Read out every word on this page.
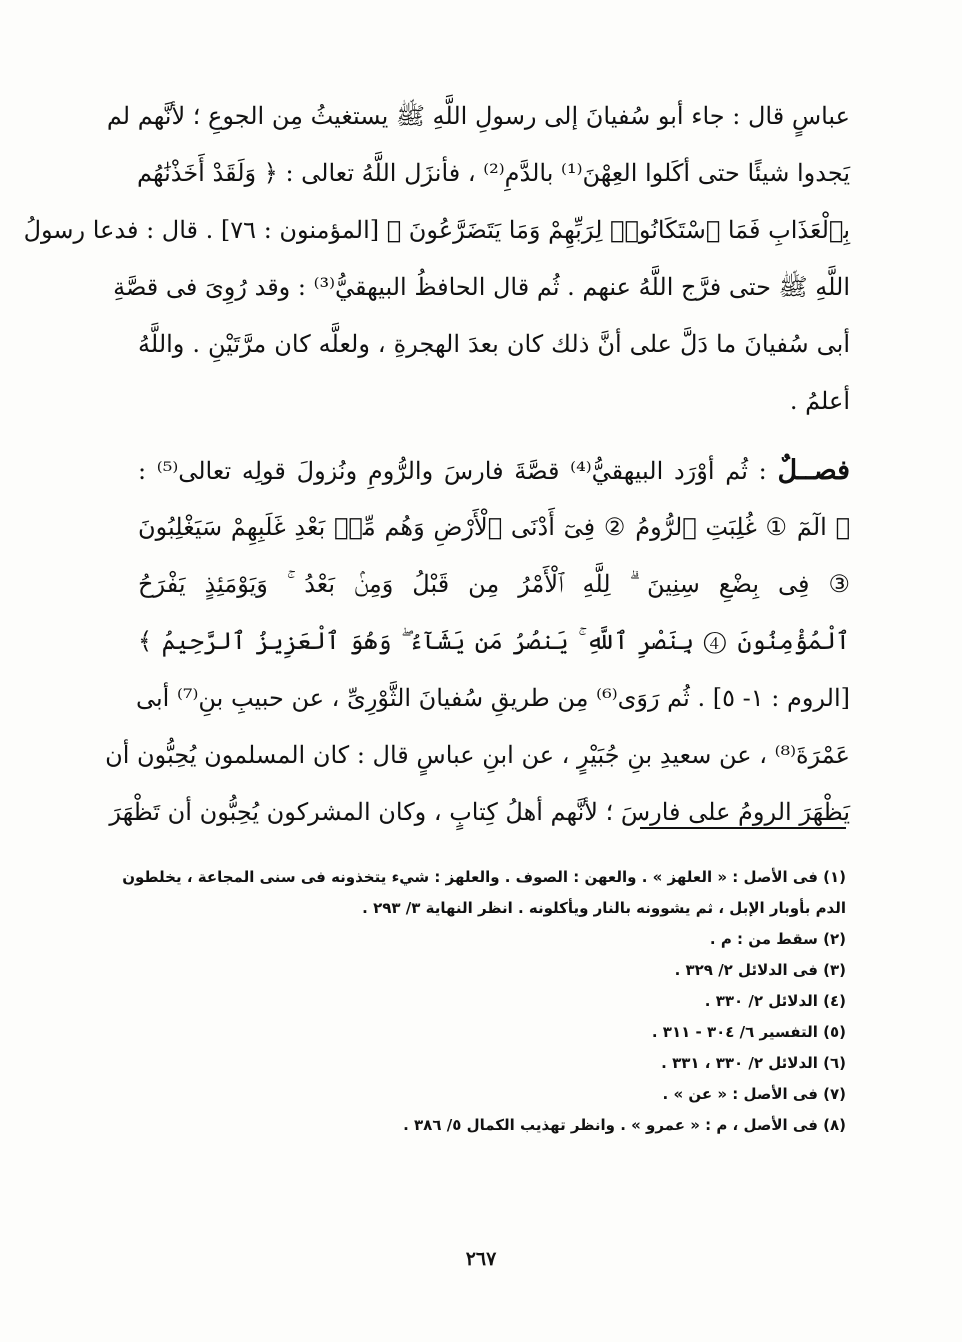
عباسٍ قال : جاء أبو سُفيانَ إلى رسولِ اللَّهِ ﷺ يستغيثُ مِن الجوعِ ؛ لأنَّهم لم
يَجدوا شيئًا حتى أكَلوا العِهْنَ⁽¹⁾ بالدَّمِ⁽²⁾ ، فأنزَل اللَّهُ تعالى : ﴿ وَلَقَدْ أَخَذْنَٰهُم
بِٱلْعَذَابِ فَمَا ٱسْتَكَانُوا۟ لِرَبِّهِمْ وَمَا يَتَضَرَّعُونَ ﴾ [المؤمنون : ٧٦] . قال : فدعا رسولُ
اللَّهِ ﷺ حتى فرَّج اللَّهُ عنهم . ثُم قال الحافظُ البيهقيُّ⁽³⁾ : وقد رُوِىَ فى قصَّةِ
أبى سُفيانَ ما دَلَّ على أنَّ ذلك كان بعدَ الهجرةِ ، ولعلَّه كان مرَّتَيْنِ . واللَّهُ
أعلمُ .
فصــلٌ : ثُم أوْرَد البيهقيُّ⁽⁴⁾ قصَّةَ فارسَ والرُّومِ ونُزولَ قولِه تعالى⁽⁵⁾ :
﴿ الٓمٓ ① غُلِبَتِ ٱلرُّومُ ② فِىٓ أَدْنَى ٱلْأَرْضِ وَهُم مِّنۢ بَعْدِ غَلَبِهِمْ سَيَغْلِبُونَ
③ فِى بِضْعِ سِنِينَ ۗ لِلَّهِ ٱلْأَمْرُ مِن قَبْلُ وَمِنۢ بَعْدُ ۚ وَيَوْمَئِذٍ يَفْرَحُ
ٱلْمُؤْمِنُونَ ④ بِنَصْرِ ٱللَّهِ ۚ يَنصُرُ مَن يَشَآءُ ۖ وَهُوَ ٱلْعَزِيزُ ٱلرَّحِيمُ ﴾
[الروم : ١- ٥] . ثُم رَوَى⁽⁶⁾ مِن طريقِ سُفيانَ الثَّوْرِىِّ ، عن حبيبِ بنِ⁽⁷⁾ أبى
عَمْرَةَ⁽⁸⁾ ، عن سعيدِ بنِ جُبَيْرٍ ، عن ابنِ عباسٍ قال : كان المسلمون يُحِبُّون أن
يَظْهَرَ الرومُ على فارسَ ؛ لأنَّهم أهلُ كِتابٍ ، وكان المشركون يُحِبُّون أن تَظْهَرَ
(١) فى الأصل : « العلهز » . والعهن : الصوف . والعلهز : شيء يتخذونه فى سنى المجاعة ، يخلطون
الدم بأوبار الإبل ، ثم يشوونه بالنار ويأكلونه . انظر النهاية ٣/ ٢٩٣ .
(٢) سقط من : م .
(٣) فى الدلائل ٢/ ٣٢٩ .
(٤) الدلائل ٢/ ٣٣٠ .
(٥) التفسير ٦/ ٣٠٤ - ٣١١ .
(٦) الدلائل ٢/ ٣٣٠ ، ٣٣١ .
(٧) فى الأصل : « عن » .
(٨) فى الأصل ، م : « عمرو » . وانظر تهذيب الكمال ٥/ ٣٨٦ .
٢٦٧
